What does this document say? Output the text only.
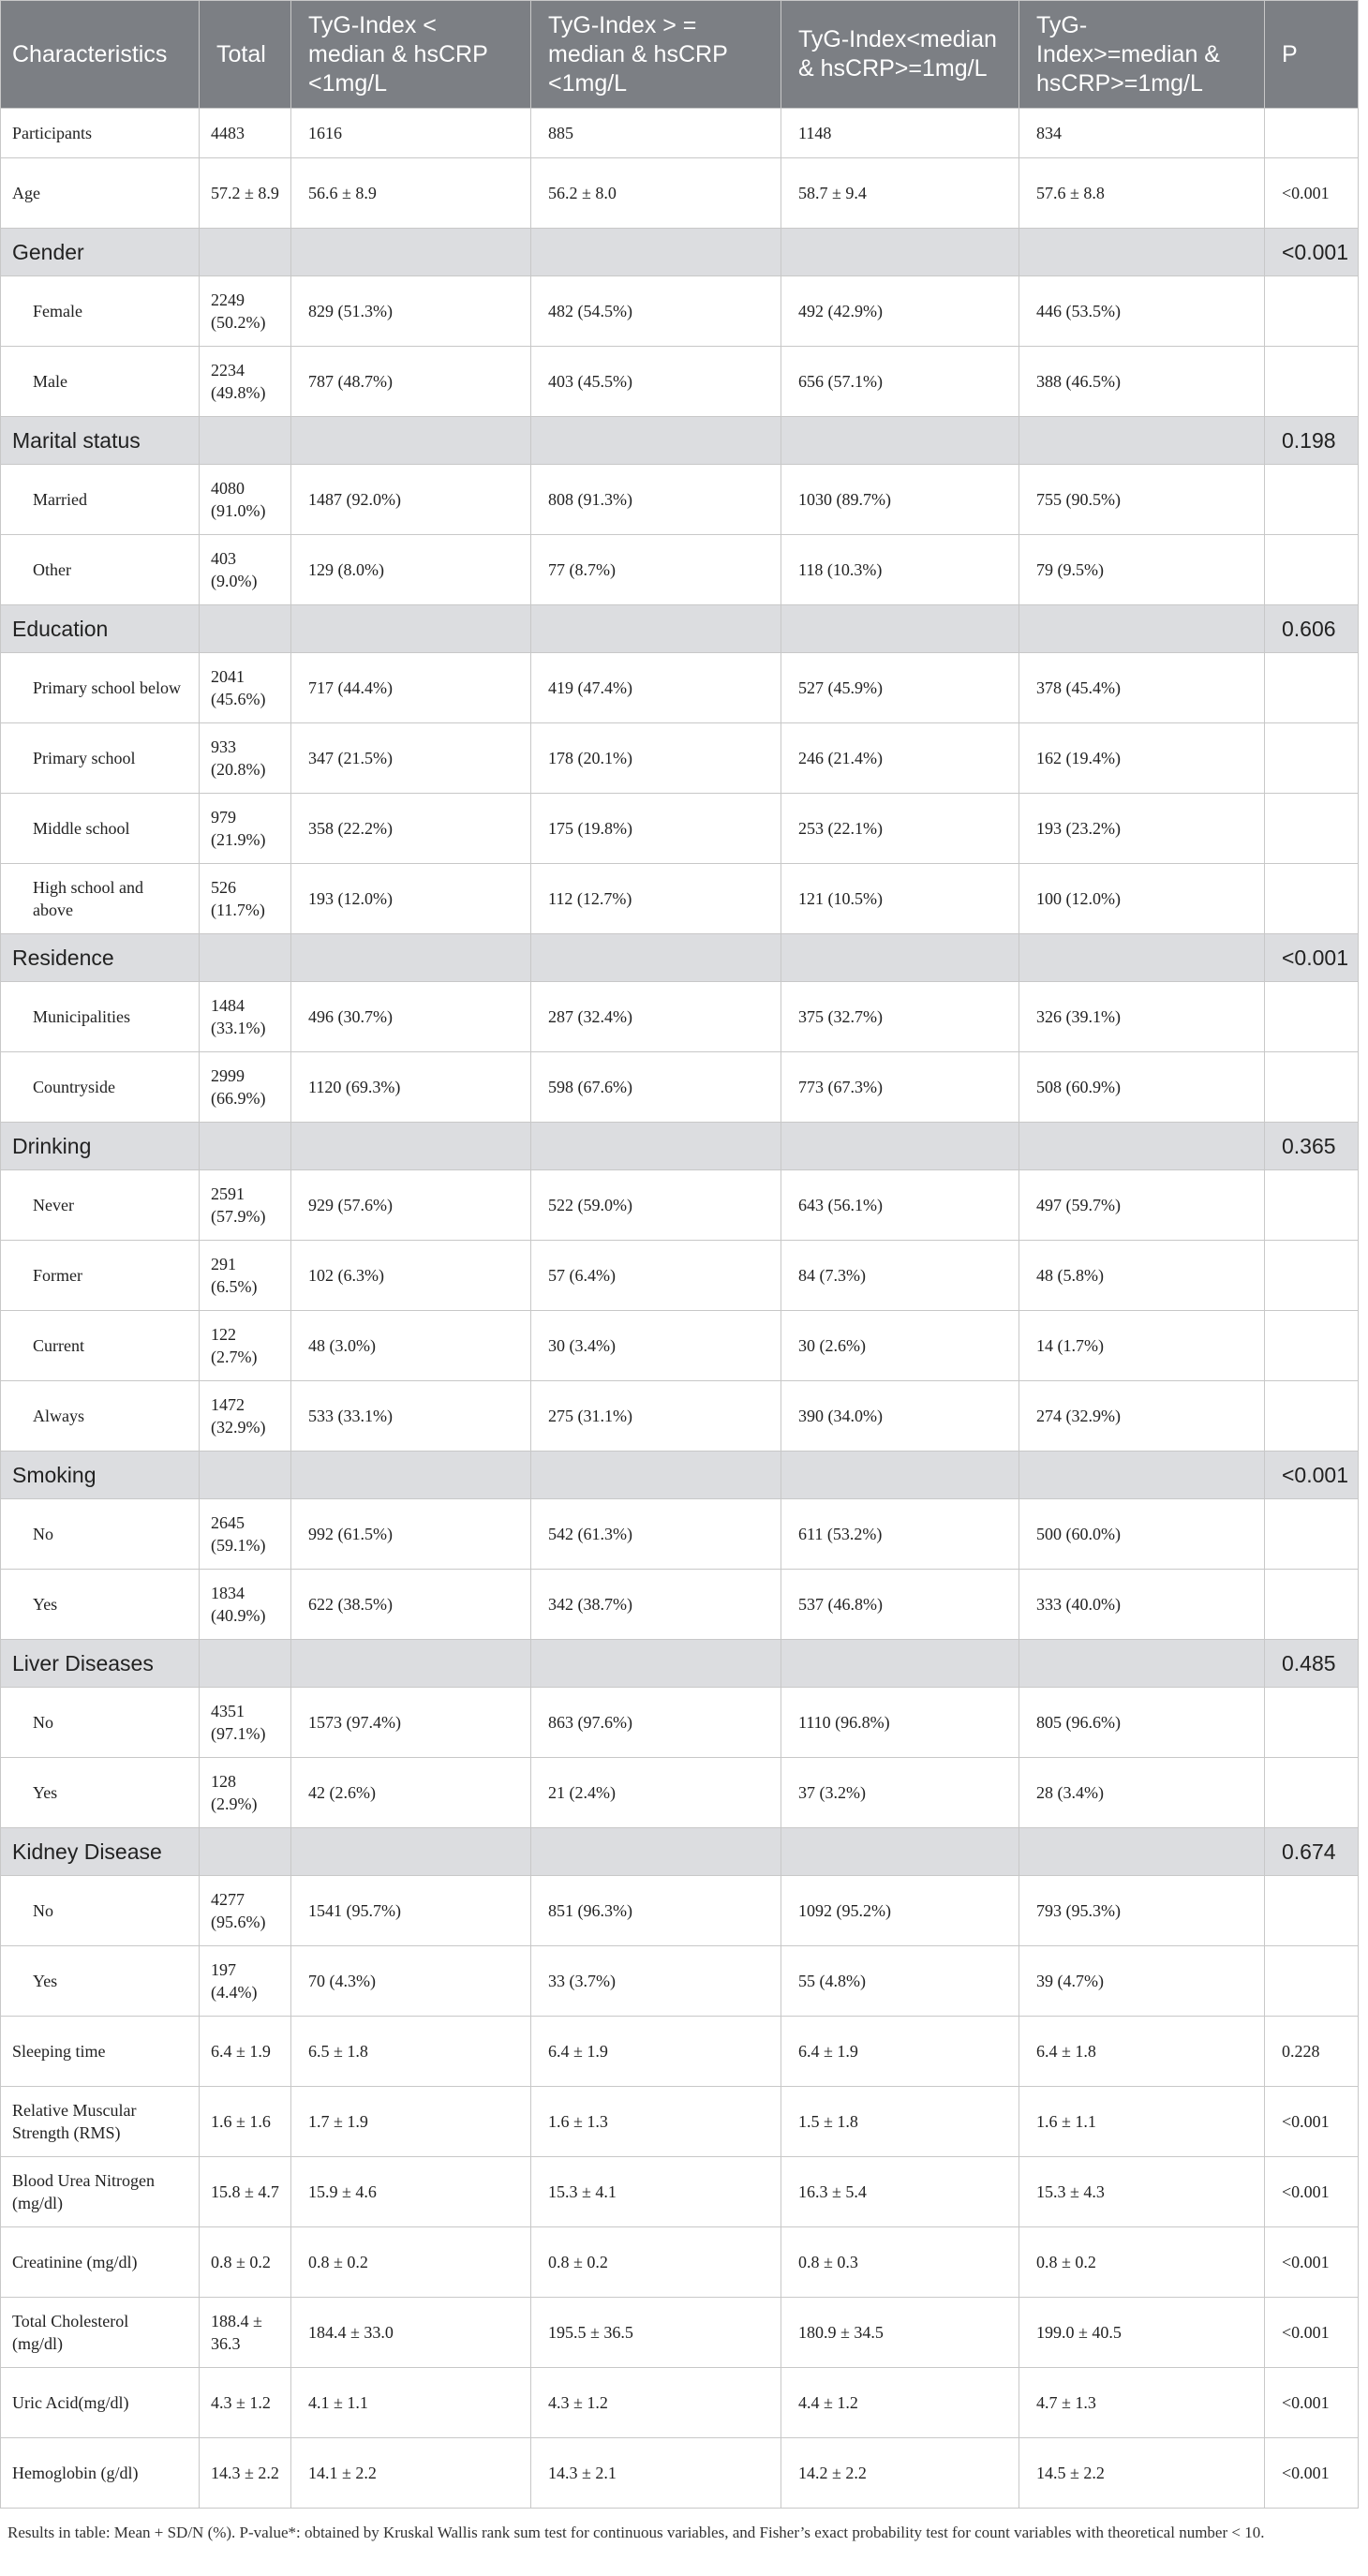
Characteristics	Total	TyG-Index < median & hsCRP <1mg/L	TyG-Index > = median & hsCRP <1mg/L	TyG-Index<median & hsCRP>=1mg/L	TyG-Index>=median & hsCRP>=1mg/L	P
Participants	4483	1616	885	1148	834	
Age	57.2 ± 8.9	56.6 ± 8.9	56.2 ± 8.0	58.7 ± 9.4	57.6 ± 8.8	<0.001
Gender						<0.001
Female	2249 (50.2%)	829 (51.3%)	482 (54.5%)	492 (42.9%)	446 (53.5%)	
Male	2234 (49.8%)	787 (48.7%)	403 (45.5%)	656 (57.1%)	388 (46.5%)	
Marital status						0.198
Married	4080 (91.0%)	1487 (92.0%)	808 (91.3%)	1030 (89.7%)	755 (90.5%)	
Other	403 (9.0%)	129 (8.0%)	77 (8.7%)	118 (10.3%)	79 (9.5%)	
Education						0.606
Primary school below	2041 (45.6%)	717 (44.4%)	419 (47.4%)	527 (45.9%)	378 (45.4%)	
Primary school	933 (20.8%)	347 (21.5%)	178 (20.1%)	246 (21.4%)	162 (19.4%)	
Middle school	979 (21.9%)	358 (22.2%)	175 (19.8%)	253 (22.1%)	193 (23.2%)	
High school and above	526 (11.7%)	193 (12.0%)	112 (12.7%)	121 (10.5%)	100 (12.0%)	
Residence						<0.001
Municipalities	1484 (33.1%)	496 (30.7%)	287 (32.4%)	375 (32.7%)	326 (39.1%)	
Countryside	2999 (66.9%)	1120 (69.3%)	598 (67.6%)	773 (67.3%)	508 (60.9%)	
Drinking						0.365
Never	2591 (57.9%)	929 (57.6%)	522 (59.0%)	643 (56.1%)	497 (59.7%)	
Former	291 (6.5%)	102 (6.3%)	57 (6.4%)	84 (7.3%)	48 (5.8%)	
Current	122 (2.7%)	48 (3.0%)	30 (3.4%)	30 (2.6%)	14 (1.7%)	
Always	1472 (32.9%)	533 (33.1%)	275 (31.1%)	390 (34.0%)	274 (32.9%)	
Smoking						<0.001
No	2645 (59.1%)	992 (61.5%)	542 (61.3%)	611 (53.2%)	500 (60.0%)	
Yes	1834 (40.9%)	622 (38.5%)	342 (38.7%)	537 (46.8%)	333 (40.0%)	
Liver Diseases						0.485
No	4351 (97.1%)	1573 (97.4%)	863 (97.6%)	1110 (96.8%)	805 (96.6%)	
Yes	128 (2.9%)	42 (2.6%)	21 (2.4%)	37 (3.2%)	28 (3.4%)	
Kidney Disease						0.674
No	4277 (95.6%)	1541 (95.7%)	851 (96.3%)	1092 (95.2%)	793 (95.3%)	
Yes	197 (4.4%)	70 (4.3%)	33 (3.7%)	55 (4.8%)	39 (4.7%)	
Sleeping time	6.4 ± 1.9	6.5 ± 1.8	6.4 ± 1.9	6.4 ± 1.9	6.4 ± 1.8	0.228
Relative Muscular Strength (RMS)	1.6 ± 1.6	1.7 ± 1.9	1.6 ± 1.3	1.5 ± 1.8	1.6 ± 1.1	<0.001
Blood Urea Nitrogen (mg/dl)	15.8 ± 4.7	15.9 ± 4.6	15.3 ± 4.1	16.3 ± 5.4	15.3 ± 4.3	<0.001
Creatinine (mg/dl)	0.8 ± 0.2	0.8 ± 0.2	0.8 ± 0.2	0.8 ± 0.3	0.8 ± 0.2	<0.001
Total Cholesterol (mg/dl)	188.4 ± 36.3	184.4 ± 33.0	195.5 ± 36.5	180.9 ± 34.5	199.0 ± 40.5	<0.001
Uric Acid(mg/dl)	4.3 ± 1.2	4.1 ± 1.1	4.3 ± 1.2	4.4 ± 1.2	4.7 ± 1.3	<0.001
Hemoglobin (g/dl)	14.3 ± 2.2	14.1 ± 2.2	14.3 ± 2.1	14.2 ± 2.2	14.5 ± 2.2	<0.001
Results in table: Mean + SD/N (%). P-value*: obtained by Kruskal Wallis rank sum test for continuous variables, and Fisher’s exact probability test for count variables with theoretical number < 10.
